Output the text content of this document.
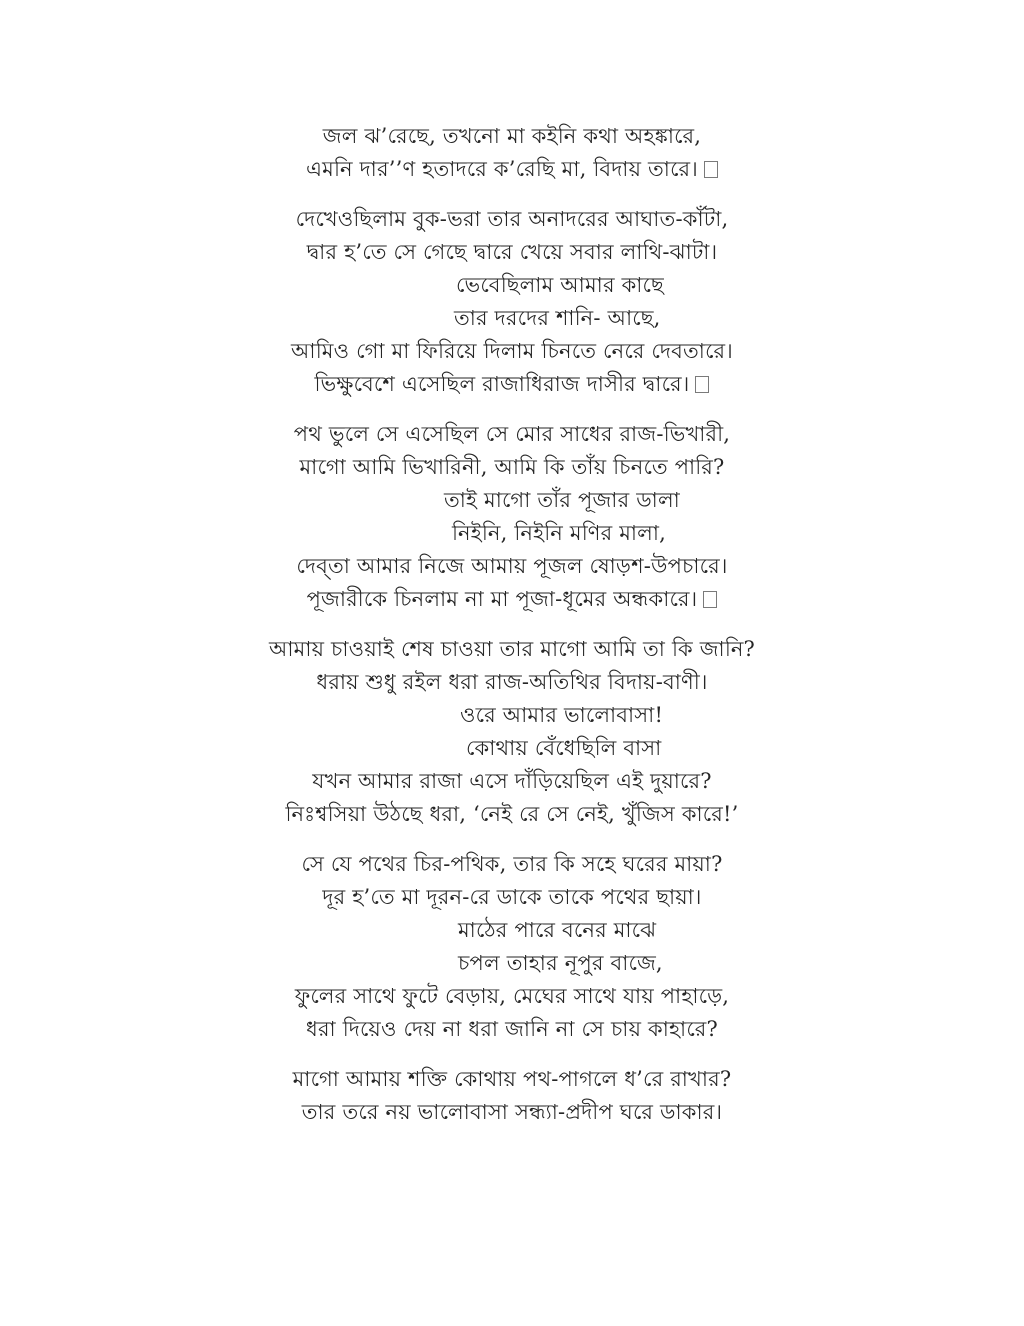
জল ঝ’রেছে, তখনো মা কইনি কথা অহঙ্কারে,
এমনি দার’’ণ হতাদরে ক’রেছি মা, বিদায় তারে।
দেখেওছিলাম বুক-ভরা তার অনাদরের আঘাত-কাঁটা,
দ্বার হ’তে সে গেছে দ্বারে খেয়ে সবার লাথি-ঝাটা।
ভেবেছিলাম আমার কাছে
তার দরদের শানি- আছে,
আমিও গো মা ফিরিয়ে দিলাম চিনতে নেরে দেবতারে।
ভিক্ষুবেশে এসেছিল রাজাধিরাজ দাসীর দ্বারে।
পথ ভুলে সে এসেছিল সে মোর সাধের রাজ-ভিখারী,
মাগো আমি ভিখারিনী, আমি কি তাঁয় চিনতে পারি?
তাই মাগো তাঁর পূজার ডালা
নিইনি, নিইনি মণির মালা,
দেব্‌তা আমার নিজে আমায় পূজল ষোড়শ-উপচারে।
পূজারীকে চিনলাম না মা পূজা-ধূমের অন্ধকারে।
আমায় চাওয়াই শেষ চাওয়া তার মাগো আমি তা কি জানি?
ধরায় শুধু রইল ধরা রাজ-অতিথির বিদায়-বাণী।
ওরে আমার ভালোবাসা!
কোথায় বেঁধেছিলি বাসা
যখন আমার রাজা এসে দাঁড়িয়েছিল এই দুয়ারে?
নিঃশ্বসিয়া উঠছে ধরা, ‘নেই রে সে নেই, খুঁজিস কারে!’
সে যে পথের চির-পথিক, তার কি সহে ঘরের মায়া?
দূর হ’তে মা দূরন-রে ডাকে তাকে পথের ছায়া।
মাঠের পারে বনের মাঝে
চপল তাহার নূপুর বাজে,
ফুলের সাথে ফুটে বেড়ায়, মেঘের সাথে যায় পাহাড়ে,
ধরা দিয়েও দেয় না ধরা জানি না সে চায় কাহারে?
মাগো আমায় শক্তি কোথায় পথ-পাগলে ধ’রে রাখার?
তার তরে নয় ভালোবাসা সন্ধ্যা-প্রদীপ ঘরে ডাকার।
